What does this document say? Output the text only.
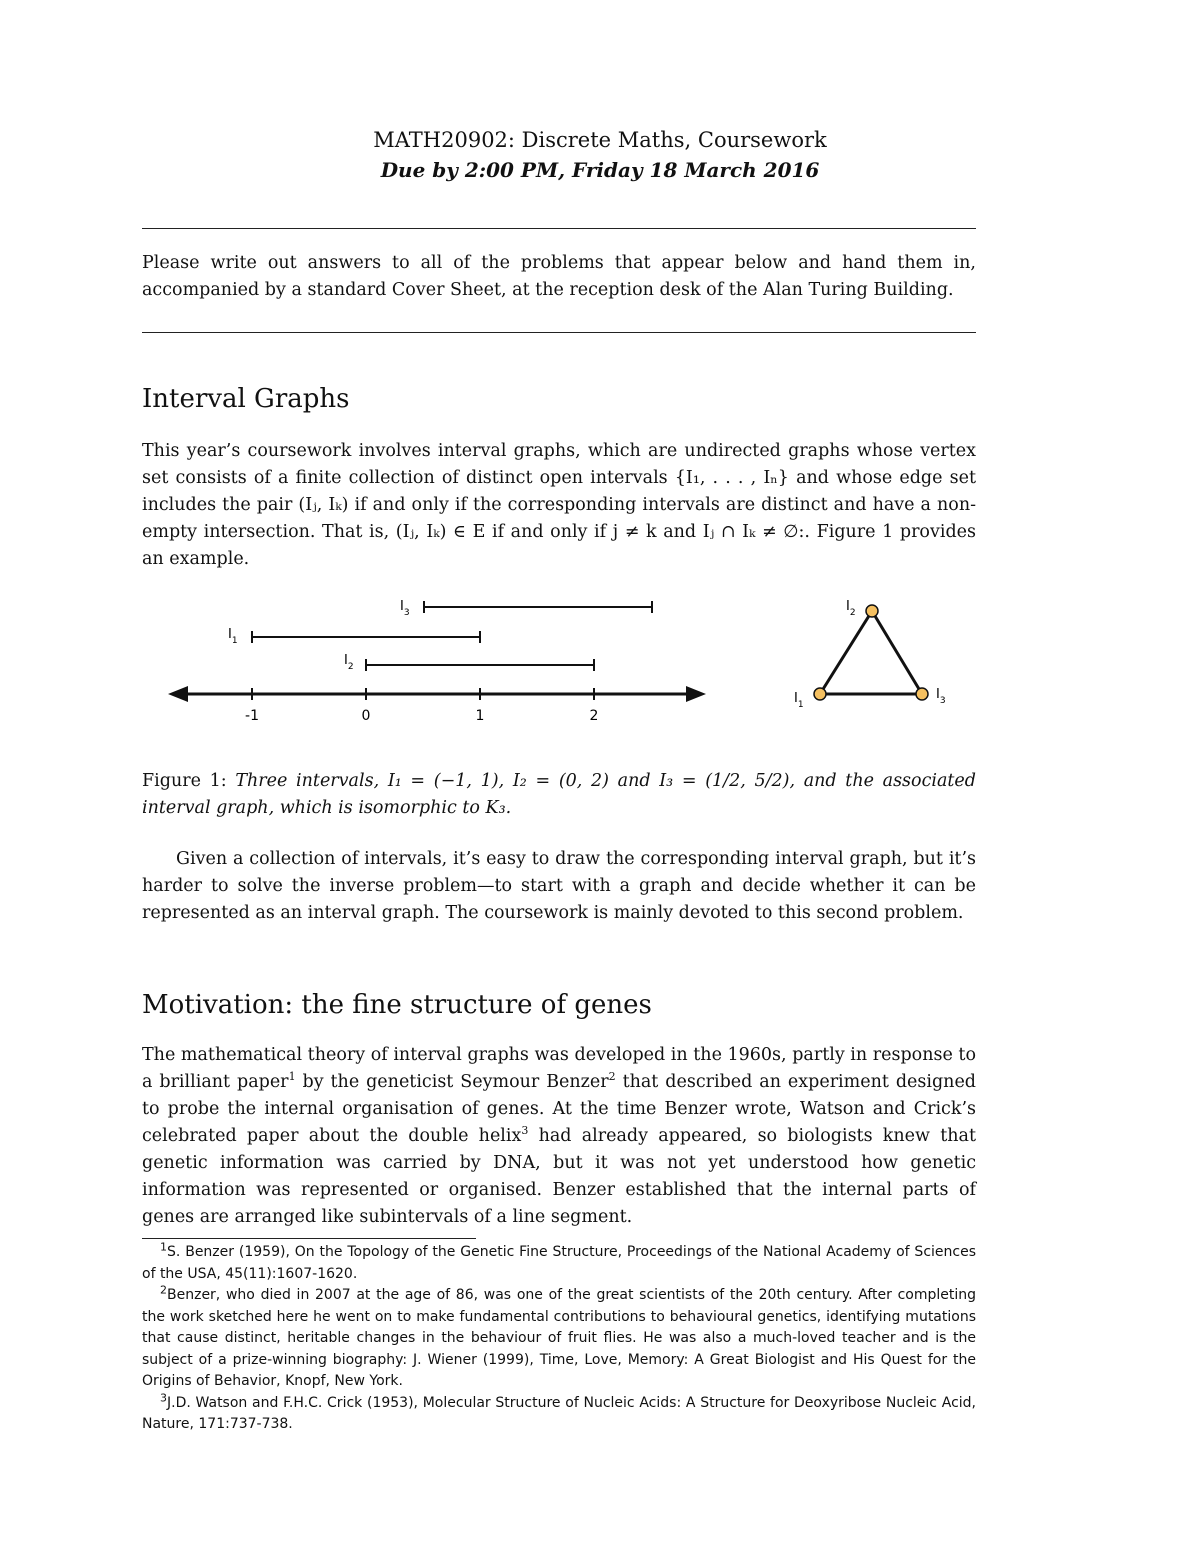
MATH20902: Discrete Maths, Coursework
Due by 2:00 PM, Friday 18 March 2016
Please write out answers to all of the problems that appear below and hand them in, accompanied by a standard Cover Sheet, at the reception desk of the Alan Turing Building.
Interval Graphs
This year’s coursework involves interval graphs, which are undirected graphs whose vertex set consists of a finite collection of distinct open intervals {I₁, . . . , Iₙ} and whose edge set includes the pair (Iⱼ, Iₖ) if and only if the corresponding intervals are distinct and have a non-empty intersection. That is, (Iⱼ, Iₖ) ∈ E if and only if j ≠ k and Iⱼ ∩ Iₖ ≠ ∅:. Figure 1 provides an example.
-1	0	1	2
$I_3$
$I_1$
$I_2$
$I_1$
$I_2$
$I_3$
Figure 1: Three intervals, I₁ = (−1, 1), I₂ = (0, 2) and I₃ = (1/2, 5/2), and the associated interval graph, which is isomorphic to K₃.
Given a collection of intervals, it’s easy to draw the corresponding interval graph, but it’s harder to solve the inverse problem—to start with a graph and decide whether it can be represented as an interval graph. The coursework is mainly devoted to this second problem.
Motivation: the fine structure of genes
The mathematical theory of interval graphs was developed in the 1960s, partly in response to a brilliant paper$^1$ by the geneticist Seymour Benzer$^2$ that described an experiment designed to probe the internal organisation of genes. At the time Benzer wrote, Watson and Crick’s celebrated paper about the double helix$^3$ had already appeared, so biologists knew that genetic information was carried by DNA, but it was not yet understood how genetic information was represented or organised. Benzer established that the internal parts of genes are arranged like subintervals of a line segment.
$^1$S. Benzer (1959), On the Topology of the Genetic Fine Structure, Proceedings of the National Academy of Sciences of the USA, 45(11):1607-1620.
$^2$Benzer, who died in 2007 at the age of 86, was one of the great scientists of the 20th century. After completing the work sketched here he went on to make fundamental contributions to behavioural genetics, identifying mutations that cause distinct, heritable changes in the behaviour of fruit flies. He was also a much-loved teacher and is the subject of a prize-winning biography: J. Wiener (1999), Time, Love, Memory: A Great Biologist and His Quest for the Origins of Behavior, Knopf, New York.
$^3$J.D. Watson and F.H.C. Crick (1953), Molecular Structure of Nucleic Acids: A Structure for Deoxyribose Nucleic Acid, Nature, 171:737-738.
